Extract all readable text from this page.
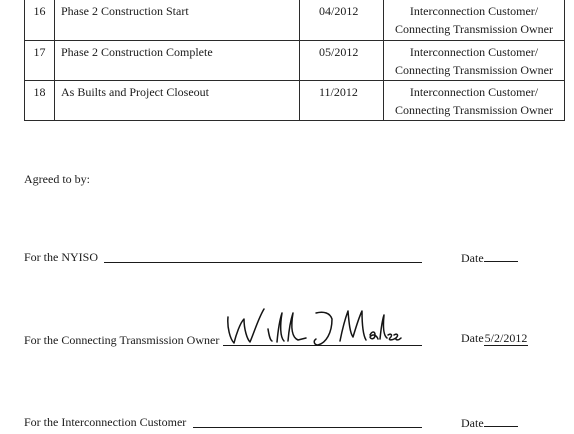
16	Phase 2 Construction Start	04/2012	Interconnection Customer/
Connecting Transmission Owner

17	Phase 2 Construction Complete	05/2012	Interconnection Customer/
Connecting Transmission Owner

18	As Builts and Project Closeout	11/2012	Interconnection Customer/
Connecting Transmission Owner

Agreed to by:

For the NYISO	Date
For the Connecting Transmission Owner	Date5/2/2012
For the Interconnection Customer	Date
